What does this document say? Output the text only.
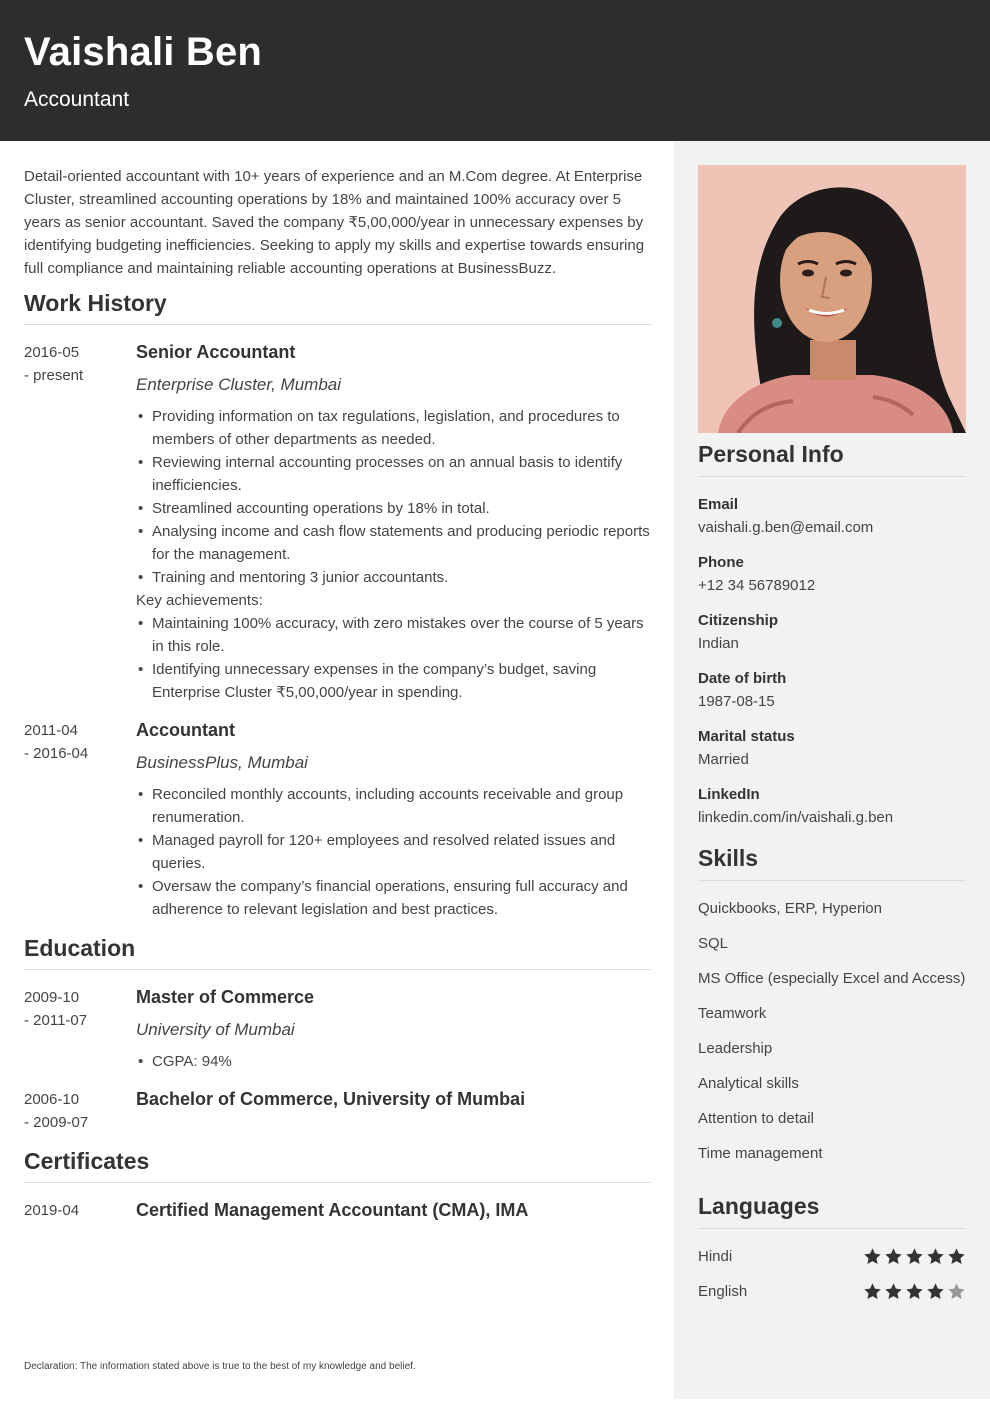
Vaishali Ben
Accountant

Detail-oriented accountant with 10+ years of experience and an M.Com degree. At Enterprise Cluster, streamlined accounting operations by 18% and maintained 100% accuracy over 5 years as senior accountant. Saved the company ₹5,00,000/year in unnecessary expenses by identifying budgeting inefficiencies. Seeking to apply my skills and expertise towards ensuring full compliance and maintaining reliable accounting operations at BusinessBuzz.

Work History
2016-05
- present
Senior Accountant
Enterprise Cluster, Mumbai
• Providing information on tax regulations, legislation, and procedures to members of other departments as needed.
• Reviewing internal accounting processes on an annual basis to identify inefficiencies.
• Streamlined accounting operations by 18% in total.
• Analysing income and cash flow statements and producing periodic reports for the management.
• Training and mentoring 3 junior accountants.
Key achievements:
• Maintaining 100% accuracy, with zero mistakes over the course of 5 years in this role.
• Identifying unnecessary expenses in the company’s budget, saving Enterprise Cluster ₹5,00,000/year in spending.
2011-04
- 2016-04
Accountant
BusinessPlus, Mumbai
• Reconciled monthly accounts, including accounts receivable and group renumeration.
• Managed payroll for 120+ employees and resolved related issues and queries.
• Oversaw the company’s financial operations, ensuring full accuracy and adherence to relevant legislation and best practices.
Education
2009-10
- 2011-07
Master of Commerce
University of Mumbai
• CGPA: 94%
2006-10
- 2009-07
Bachelor of Commerce, University of Mumbai
Certificates
2019-04	Certified Management Accountant (CMA), IMA
Personal Info
Email
vaishali.g.ben@email.com
Phone
+12 34 56789012
Citizenship
Indian
Date of birth
1987-08-15
Marital status
Married
LinkedIn
linkedin.com/in/vaishali.g.ben
Skills
Quickbooks, ERP, Hyperion
SQL
MS Office (especially Excel and Access)
Teamwork
Leadership
Analytical skills
Attention to detail
Time management
Languages
Hindi
English
Declaration: The information stated above is true to the best of my knowledge and belief.
